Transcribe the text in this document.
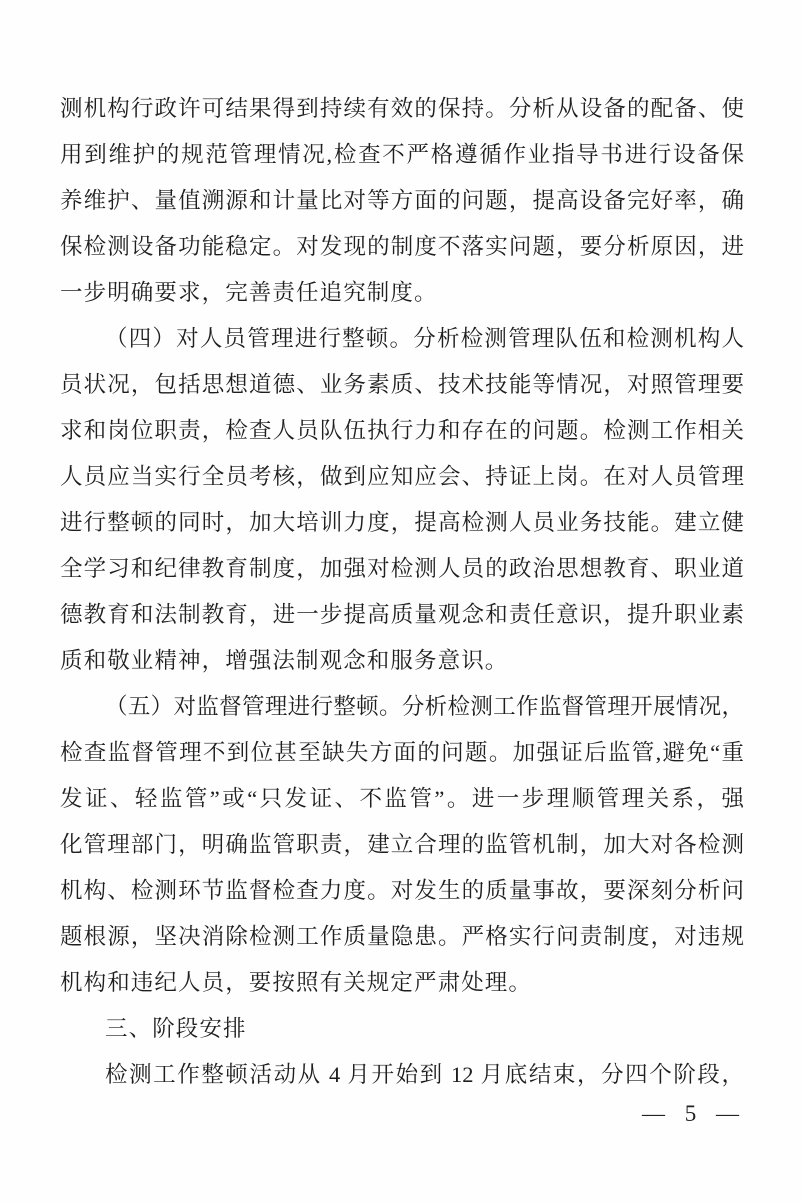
测机构行政许可结果得到持续有效的保持。分析从设备的配备、使
用到维护的规范管理情况,检查不严格遵循作业指导书进行设备保
养维护、量值溯源和计量比对等方面的问题，提高设备完好率，确
保检测设备功能稳定。对发现的制度不落实问题，要分析原因，进
一步明确要求，完善责任追究制度。
（四）对人员管理进行整顿。分析检测管理队伍和检测机构人
员状况，包括思想道德、业务素质、技术技能等情况，对照管理要
求和岗位职责，检查人员队伍执行力和存在的问题。检测工作相关
人员应当实行全员考核，做到应知应会、持证上岗。在对人员管理
进行整顿的同时，加大培训力度，提高检测人员业务技能。建立健
全学习和纪律教育制度，加强对检测人员的政治思想教育、职业道
德教育和法制教育，进一步提高质量观念和责任意识，提升职业素
质和敬业精神，增强法制观念和服务意识。
（五）对监督管理进行整顿。分析检测工作监督管理开展情况，
检查监督管理不到位甚至缺失方面的问题。加强证后监管,避免“重
发证、轻监管”或“只发证、不监管”。进一步理顺管理关系，强
化管理部门，明确监管职责，建立合理的监管机制，加大对各检测
机构、检测环节监督检查力度。对发生的质量事故，要深刻分析问
题根源，坚决消除检测工作质量隐患。严格实行问责制度，对违规
机构和违纪人员，要按照有关规定严肃处理。
三、阶段安排
检测工作整顿活动从 4 月开始到 12 月底结束，分四个阶段，
— 5 —
